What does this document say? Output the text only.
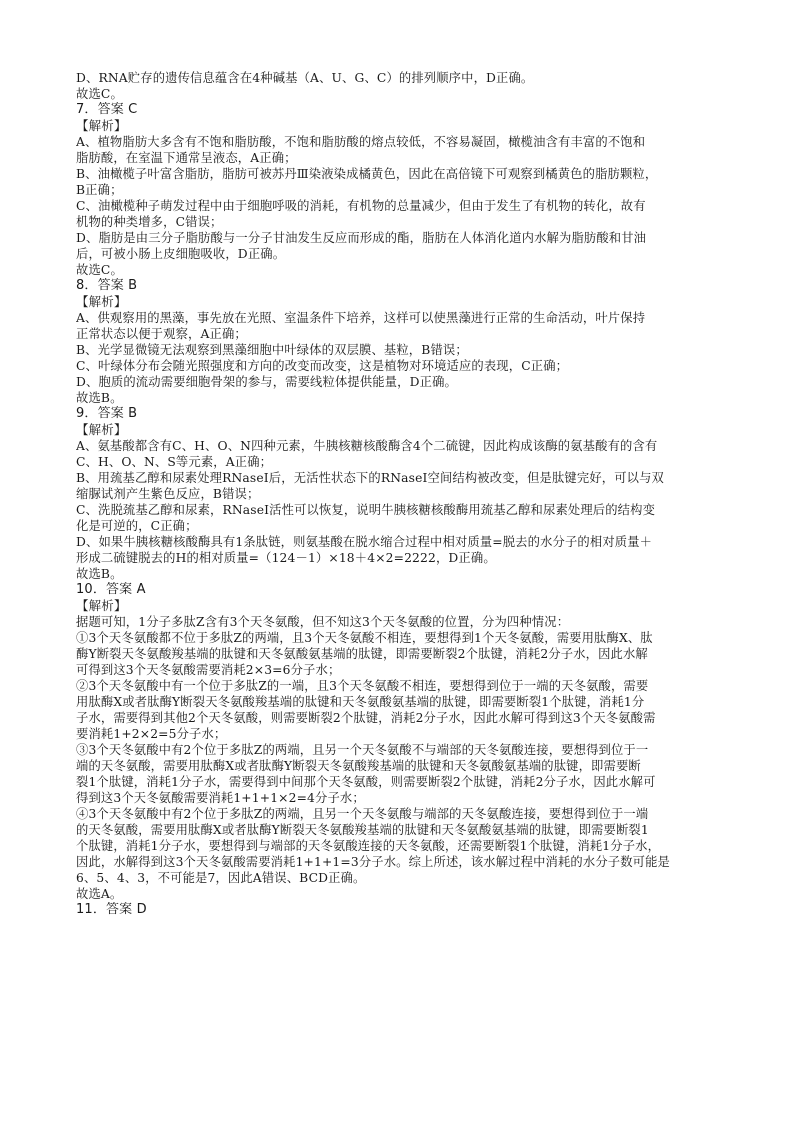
D、RNA贮存的遗传信息蕴含在4种碱基（A、U、G、C）的排列顺序中，D正确。
故选C。
7．答案 C
【解析】
A、植物脂肪大多含有不饱和脂肪酸，不饱和脂肪酸的熔点较低，不容易凝固，橄榄油含有丰富的不饱和
脂肪酸，在室温下通常呈液态，A正确；
B、油橄榄子叶富含脂肪，脂肪可被苏丹Ⅲ染液染成橘黄色，因此在高倍镜下可观察到橘黄色的脂肪颗粒，
B正确；
C、油橄榄种子萌发过程中由于细胞呼吸的消耗，有机物的总量减少，但由于发生了有机物的转化，故有
机物的种类增多，C错误；
D、脂肪是由三分子脂肪酸与一分子甘油发生反应而形成的酯，脂肪在人体消化道内水解为脂肪酸和甘油
后，可被小肠上皮细胞吸收，D正确。
故选C。
8．答案 B
【解析】
A、供观察用的黑藻，事先放在光照、室温条件下培养，这样可以使黑藻进行正常的生命活动，叶片保持
正常状态以便于观察，A正确；
B、光学显微镜无法观察到黑藻细胞中叶绿体的双层膜、基粒，B错误；
C、叶绿体分布会随光照强度和方向的改变而改变，这是植物对环境适应的表现，C正确；
D、胞质的流动需要细胞骨架的参与，需要线粒体提供能量，D正确。
故选B。
9．答案 B
【解析】
A、氨基酸都含有C、H、O、N四种元素，牛胰核糖核酸酶含4个二硫键，因此构成该酶的氨基酸有的含有
C、H、O、N、S等元素，A正确；
B、用巯基乙醇和尿素处理RNaseI后，无活性状态下的RNaseI空间结构被改变，但是肽键完好，可以与双
缩脲试剂产生紫色反应，B错误；
C、洗脱巯基乙醇和尿素，RNaseI活性可以恢复，说明牛胰核糖核酸酶用巯基乙醇和尿素处理后的结构变
化是可逆的，C正确；
D、如果牛胰核糖核酸酶具有1条肽链，则氨基酸在脱水缩合过程中相对质量=脱去的水分子的相对质量＋
形成二硫键脱去的H的相对质量=（124－1）×18＋4×2=2222，D正确。
故选B。
10．答案 A
【解析】
据题可知，1分子多肽Z含有3个天冬氨酸，但不知这3个天冬氨酸的位置，分为四种情况：
①3个天冬氨酸都不位于多肽Z的两端，且3个天冬氨酸不相连，要想得到1个天冬氨酸，需要用肽酶X、肽
酶Y断裂天冬氨酸羧基端的肽键和天冬氨酸氨基端的肽键，即需要断裂2个肽键，消耗2分子水，因此水解
可得到这3个天冬氨酸需要消耗2×3=6分子水；
②3个天冬氨酸中有一个位于多肽Z的一端，且3个天冬氨酸不相连，要想得到位于一端的天冬氨酸，需要
用肽酶X或者肽酶Y断裂天冬氨酸羧基端的肽键和天冬氨酸氨基端的肽键，即需要断裂1个肽键，消耗1分
子水，需要得到其他2个天冬氨酸，则需要断裂2个肽键，消耗2分子水，因此水解可得到这3个天冬氨酸需
要消耗1+2×2=5分子水；
③3个天冬氨酸中有2个位于多肽Z的两端，且另一个天冬氨酸不与端部的天冬氨酸连接，要想得到位于一
端的天冬氨酸，需要用肽酶X或者肽酶Y断裂天冬氨酸羧基端的肽键和天冬氨酸氨基端的肽键，即需要断
裂1个肽键，消耗1分子水，需要得到中间那个天冬氨酸，则需要断裂2个肽键，消耗2分子水，因此水解可
得到这3个天冬氨酸需要消耗1+1+1×2=4分子水；
④3个天冬氨酸中有2个位于多肽Z的两端，且另一个天冬氨酸与端部的天冬氨酸连接，要想得到位于一端
的天冬氨酸，需要用肽酶X或者肽酶Y断裂天冬氨酸羧基端的肽键和天冬氨酸氨基端的肽键，即需要断裂1
个肽键，消耗1分子水，要想得到与端部的天冬氨酸连接的天冬氨酸，还需要断裂1个肽键，消耗1分子水，
因此，水解得到这3个天冬氨酸需要消耗1+1+1=3分子水。综上所述，该水解过程中消耗的水分子数可能是
6、5、4、3，不可能是7，因此A错误、BCD正确。
故选A。
11．答案 D
